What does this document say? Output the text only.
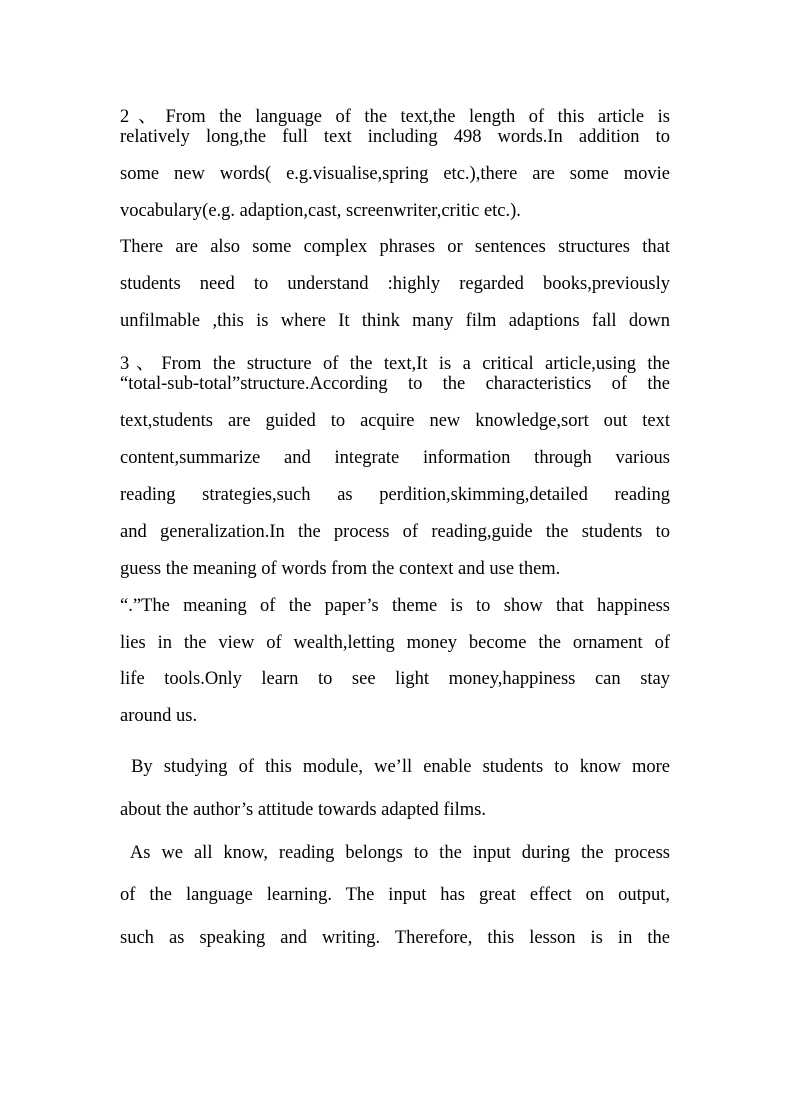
2、From the language of the text,the length of this article is
relatively long,the full text including 498 words.In addition to
some new words( e.g.visualise,spring etc.),there are some movie
vocabulary(e.g. adaption,cast, screenwriter,critic etc.).
There are also some complex phrases or sentences structures that
students need to understand :highly regarded books,previously
unfilmable ,this is where It think many film adaptions fall down
3、From the structure of the text,It is a critical article,using the
“total-sub-total”structure.According to the characteristics of the
text,students are guided to acquire new knowledge,sort out text
content,summarize and integrate information through various
reading strategies,such as perdition,skimming,detailed reading
and generalization.In the process of reading,guide the students to
guess the meaning of words from the context and use them.
“.”The meaning of the paper’s theme is to show that happiness
lies in the view of wealth,letting money become the ornament of
life tools.Only learn to see light money,happiness can stay
around us.
By studying of this module, we’ll enable students to know more
about the author’s attitude towards adapted films.
As we all know, reading belongs to the input during the process
of the language learning. The input has great effect on output,
such as speaking and writing. Therefore, this lesson is in the
